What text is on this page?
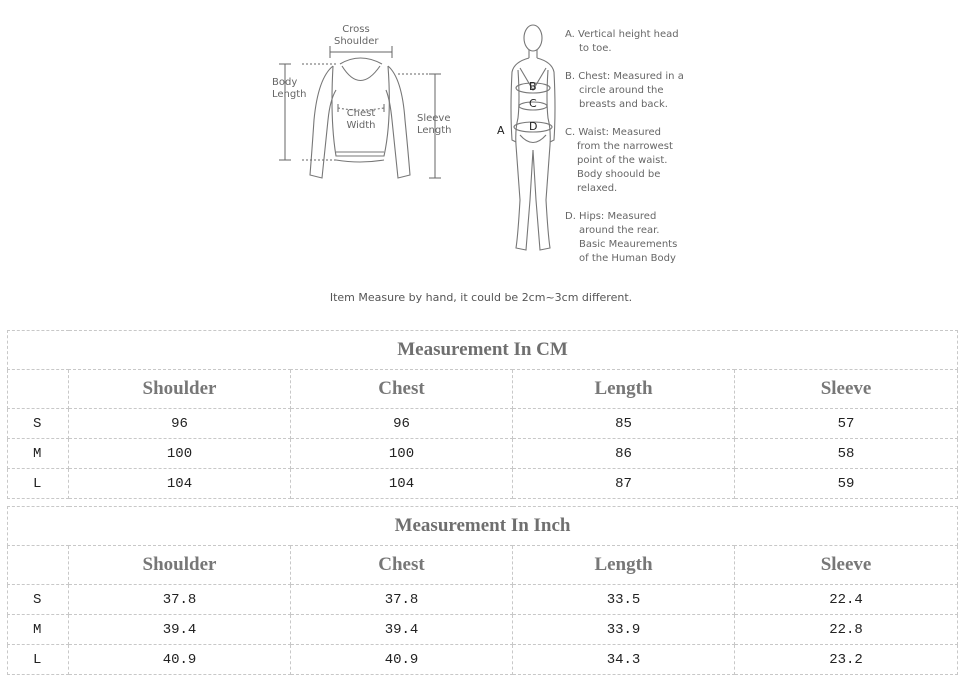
Cross
Shoulder
Body
Length
Chest
Width
Sleeve
Length	A
B
C
D
A. Vertical height head
to toe.
B. Chest: Measured in a
circle around the
breasts and back.
C. Waist: Measured
from the narrowest
point of the waist.
Body shoould be
relaxed.
D. Hips: Measured
around the rear.
Basic Meaurements
of the Human Body
Item Measure by hand, it could be 2cm~3cm different.
Measurement In CM				
	Shoulder	Chest	Length	Sleeve
S	96	96	85	57
M	100	100	86	58
L	104	104	87	59
Measurement In Inch				
	Shoulder	Chest	Length	Sleeve
S	37.8	37.8	33.5	22.4
M	39.4	39.4	33.9	22.8
L	40.9	40.9	34.3	23.2
